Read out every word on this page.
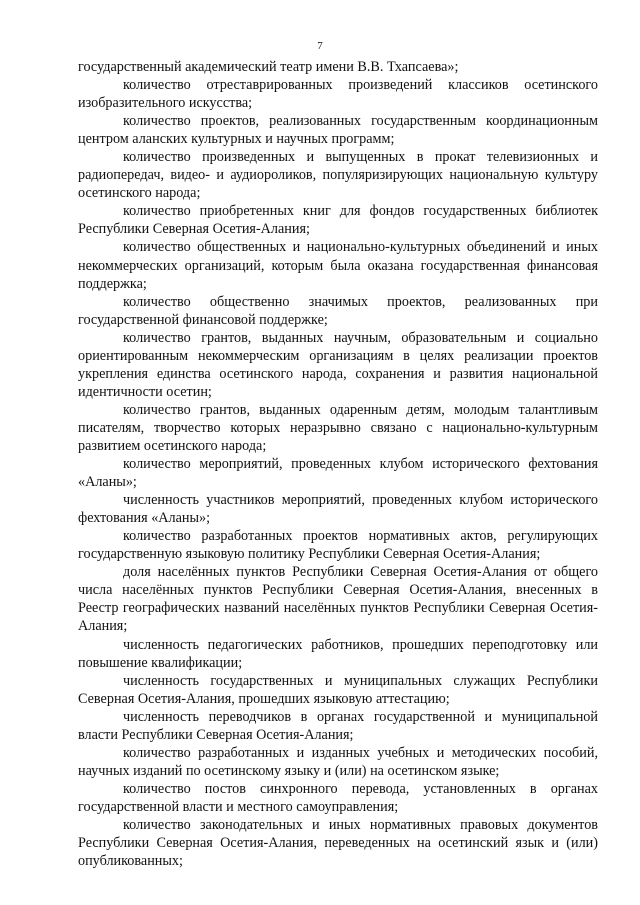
7

государственный академический театр имени В.В. Тхапсаева»;

количество отреставрированных произведений классиков осетинского изобразительного искусства;

количество проектов, реализованных государственным координационным центром аланских культурных и научных программ;

количество произведенных и выпущенных в прокат телевизионных и радиопередач, видео- и аудиороликов, популяризирующих национальную культуру осетинского народа;

количество приобретенных книг для фондов государственных библиотек Республики Северная Осетия-Алания;

количество общественных и национально-культурных объединений и иных некоммерческих организаций, которым была оказана государственная финансовая поддержка;

количество общественно значимых проектов, реализованных при государственной финансовой поддержке;

количество грантов, выданных научным, образовательным и социально ориентированным некоммерческим организациям в целях реализации проектов укрепления единства осетинского народа, сохранения и развития национальной идентичности осетин;

количество грантов, выданных одаренным детям, молодым талантливым писателям, творчество которых неразрывно связано с национально-культурным развитием осетинского народа;

количество мероприятий, проведенных клубом исторического фехтования «Аланы»;

численность участников мероприятий, проведенных клубом исторического фехтования «Аланы»;

количество разработанных проектов нормативных актов, регулирующих государственную языковую политику Республики Северная Осетия-Алания;

доля населённых пунктов Республики Северная Осетия-Алания от общего числа населённых пунктов Республики Северная Осетия-Алания, внесенных в Реестр географических названий населённых пунктов Республики Северная Осетия-Алания;

численность педагогических работников, прошедших переподготовку или повышение квалификации;

численность государственных и муниципальных служащих Республики Северная Осетия-Алания, прошедших языковую аттестацию;

численность переводчиков в органах государственной и муниципальной власти Республики Северная Осетия-Алания;

количество разработанных и изданных учебных и методических пособий, научных изданий по осетинскому языку и (или) на осетинском языке;

количество постов синхронного перевода, установленных в органах государственной власти и местного самоуправления;

количество законодательных и иных нормативных правовых документов Республики Северная Осетия-Алания, переведенных на осетинский язык и (или) опубликованных;
